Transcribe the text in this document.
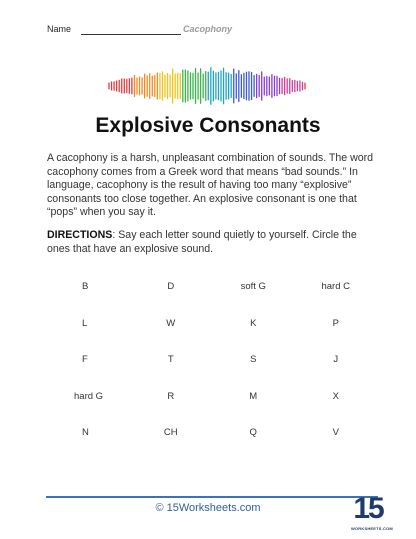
Name	Cacophony
Explosive Consonants

A cacophony is a harsh, unpleasant combination of sounds. The word cacophony comes from a Greek word that means “bad sounds.” In language, cacophony is the result of having too many “explosive” consonants too close together. An explosive consonant is one that “pops” when you say it.

DIRECTIONS: Say each letter sound quietly to yourself. Circle the ones that have an explosive sound.

B	D	soft G	hard C
L	W	K	P
F	T	S	J
hard G	R	M	X
N	CH	Q	V
© 15Worksheets.com	15
WORKSHEETS.COM
